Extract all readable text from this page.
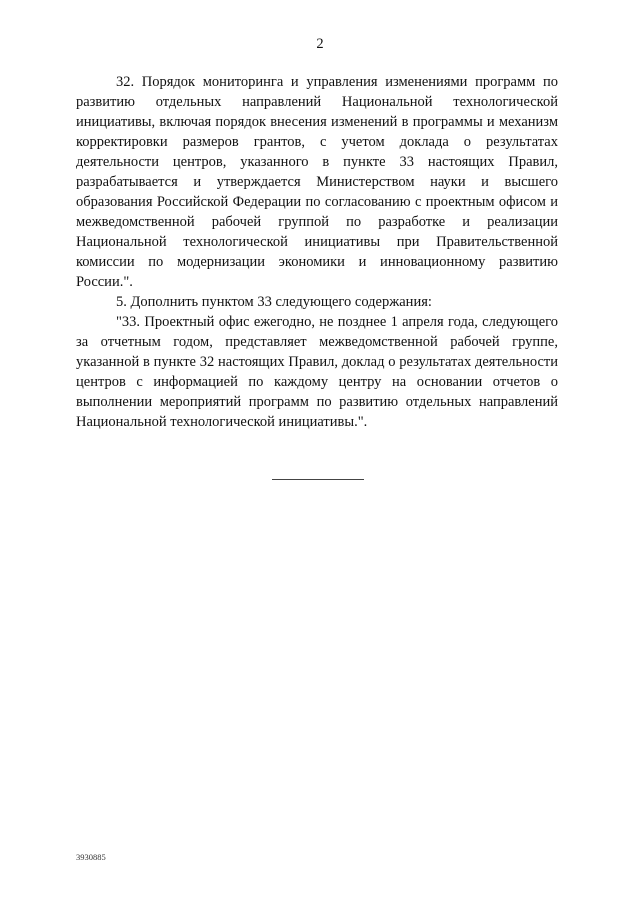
2

32. Порядок мониторинга и управления изменениями программ по развитию отдельных направлений Национальной технологической инициативы, включая порядок внесения изменений в программы и механизм корректировки размеров грантов, с учетом доклада о результатах деятельности центров, указанного в пункте 33 настоящих Правил, разрабатывается и утверждается Министерством науки и высшего образования Российской Федерации по согласованию с проектным офисом и межведомственной рабочей группой по разработке и реализации Национальной технологической инициативы при Правительственной комиссии по модернизации экономики и инновационному развитию России.".

5. Дополнить пунктом 33 следующего содержания:

"33. Проектный офис ежегодно, не позднее 1 апреля года, следующего за отчетным годом, представляет межведомственной рабочей группе, указанной в пункте 32 настоящих Правил, доклад о результатах деятельности центров с информацией по каждому центру на основании отчетов о выполнении мероприятий программ по развитию отдельных направлений Национальной технологической инициативы.".

3930885
